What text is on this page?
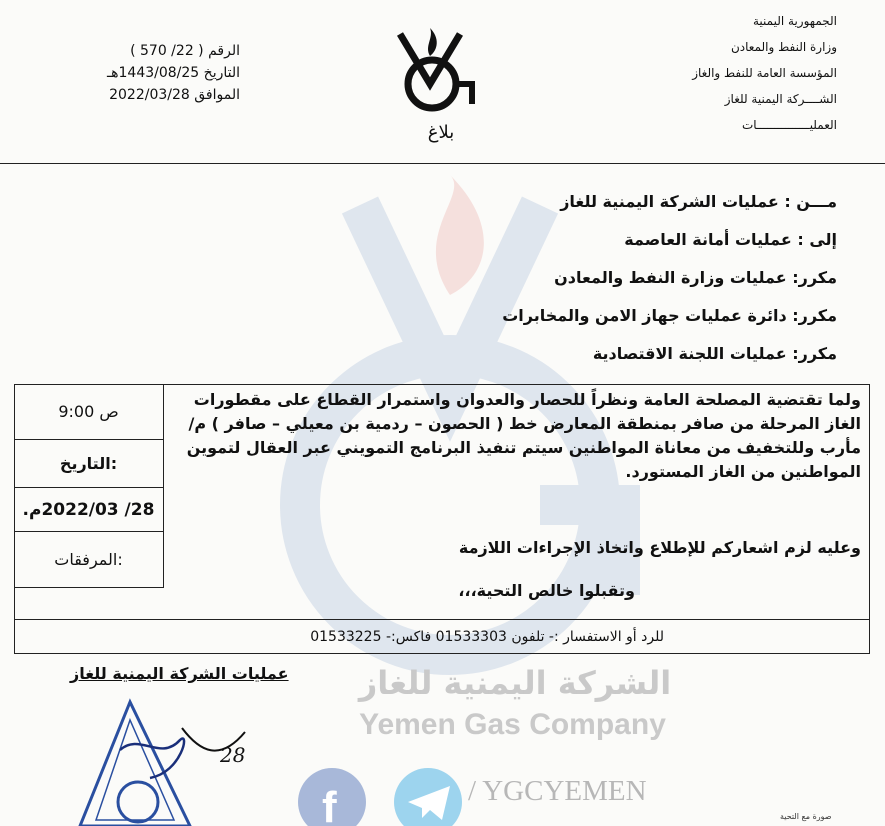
الجمهورية اليمنية
وزارة النفط والمعادن
المؤسسة العامة للنفط والغاز
الشــــركة اليمنية للغاز
العمليـــــــــــــــات
الرقم ( 22/ 570 )
التاريخ 1443/08/25هـ
الموافق 2022/03/28
بلاغ
مـــن : عمليات الشركة اليمنية للغاز
إلى : عمليات أمانة العاصمة
مكرر: عمليات وزارة النفط والمعادن
مكرر: دائرة عمليات جهاز الامن والمخابرات
مكرر: عمليات اللجنة الاقتصادية
9:00 ص
التاريخ:
28/ 2022/03م.
المرفقات:

ولما تقتضية المصلحة العامة ونظراً للحصار والعدوان واستمرار القطاع على مقطورات الغاز المرحلة من صافر بمنطقة المعارض خط ( الحصون – ردمية بن معيلي – صافر ) م/ مأرب وللتخفيف من معاناة المواطنين سيتم تنفيذ البرنامج التمويني عبر العقال لتموين المواطنين من الغاز المستورد.

وعليه لزم اشعاركم للإطلاع واتخاذ الإجراءات اللازمة
وتقبلوا خالص التحية،،،
للرد أو الاستفسار :- تلفون 01533303 فاكس:- 01533225
عمليات الشركة اليمنية للغاز
28
الشركة اليمنية للغاز
Yemen Gas Company
f	/ YGCYEMEN
صورة مع التحية
